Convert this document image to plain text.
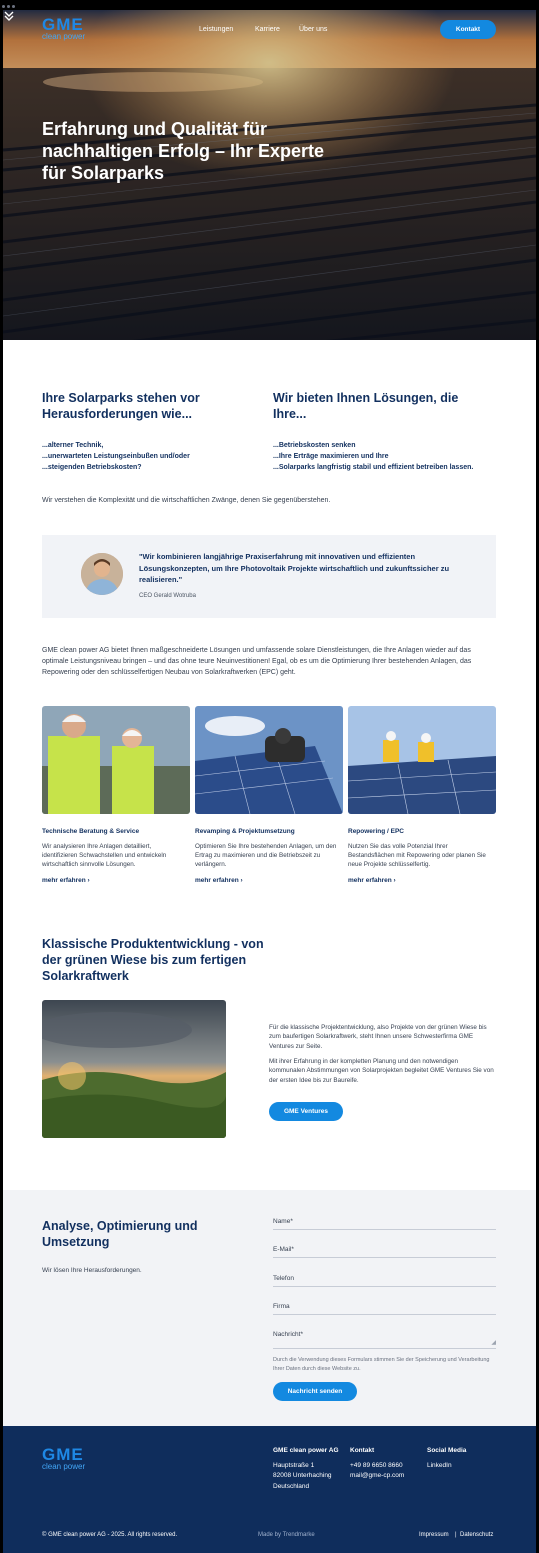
GME
clean power
Leistungen	Karriere	Über uns	Kontakt
Erfahrung und Qualität für nachhaltigen Erfolg – Ihr Experte für Solarparks
Ihre Solarparks stehen vor Herausforderungen wie...
...alterner Technik,
...unerwarteten Leistungseinbußen und/oder
...steigenden Betriebskosten?
Wir bieten Ihnen Lösungen, die Ihre...
...Betriebskosten senken
...Ihre Erträge maximieren und Ihre
...Solarparks langfristig stabil und effizient betreiben lassen.
Wir verstehen die Komplexität und die wirtschaftlichen Zwänge, denen Sie gegenüberstehen.
"Wir kombinieren langjährige Praxiserfahrung mit innovativen und effizienten Lösungskonzepten, um Ihre Photovoltaik Projekte wirtschaftlich und zukunftssicher zu realisieren."
CEO Gerald Wotruba
GME clean power AG bietet Ihnen maßgeschneiderte Lösungen und umfassende solare Dienstleistungen, die Ihre Anlagen wieder auf das optimale Leistungsniveau bringen – und das ohne teure Neuinvestitionen! Egal, ob es um die Optimierung Ihrer bestehenden Anlagen, das Repowering oder den schlüsselfertigen Neubau von Solarkraftwerken (EPC) geht.
Technische Beratung & Service
Wir analysieren Ihre Anlagen detailliert, identifizieren Schwachstellen und entwickeln wirtschaftlich sinnvolle Lösungen.
mehr erfahren ›
Revamping & Projektumsetzung
Optimieren Sie Ihre bestehenden Anlagen, um den Ertrag zu maximieren und die Betriebszeit zu verlängern.
mehr erfahren ›
Repowering / EPC
Nutzen Sie das volle Potenzial Ihrer Bestandsflächen mit Repowering oder planen Sie neue Projekte schlüsselfertig.
mehr erfahren ›
Klassische Produktentwicklung - von der grünen Wiese bis zum fertigen Solarkraftwerk
Für die klassische Projektentwicklung, also Projekte von der grünen Wiese bis zum baufertigen Solarkraftwerk, steht Ihnen unsere Schwesterfirma GME Ventures zur Seite.
Mit ihrer Erfahrung in der kompletten Planung und den notwendigen kommunalen Abstimmungen von Solarprojekten begleitet GME Ventures Sie von der ersten Idee bis zur Baureife.
GME Ventures
Analyse, Optimierung und Umsetzung
Wir lösen Ihre Herausforderungen.
Name*
E-Mail*
Telefon
Firma
Nachricht*
◢
Durch die Verwendung dieses Formulars stimmen Sie der Speicherung und Verarbeitung Ihrer Daten durch diese Website zu.
Nachricht senden
GME
clean power
GME clean power AG
Hauptstraße 1
82008 Unterhaching
Deutschland
Kontakt
+49 89 6650 8660
mail@gme-cp.com
Social Media
LinkedIn
© GME clean power AG - 2025. All rights reserved.	Made by Trendmarke	Impressum | Datenschutz
